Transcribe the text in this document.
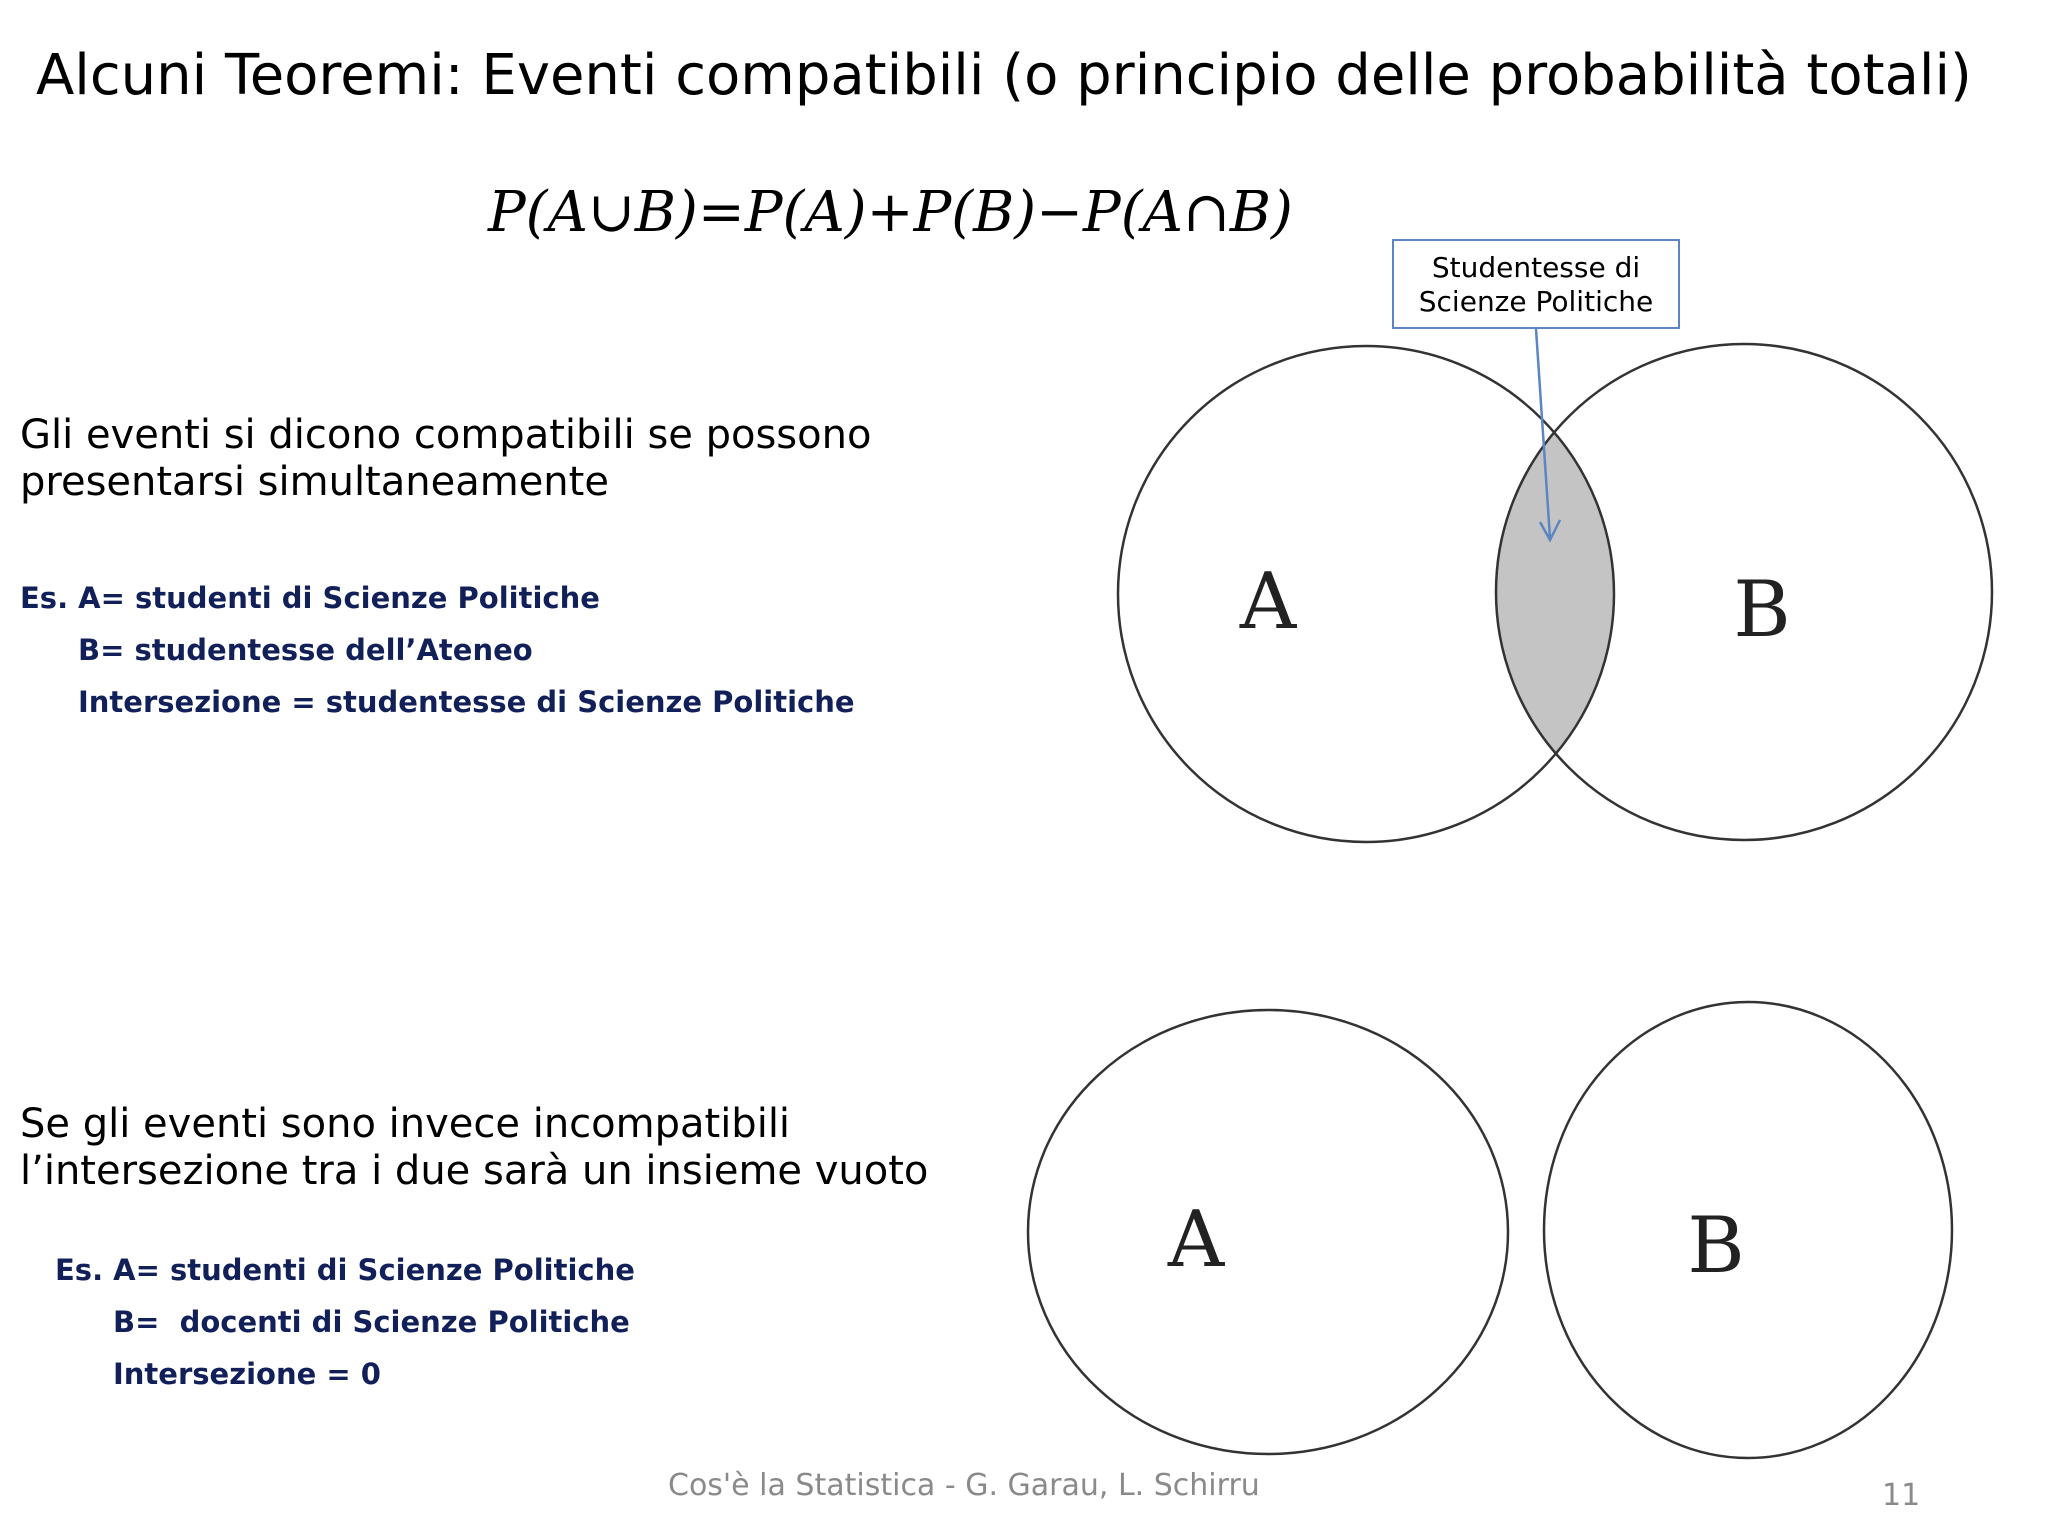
Alcuni Teoremi: Eventi compatibili (o principio delle probabilità totali)
P(A∪B)=P(A)+P(B)−P(A∩B)
A	B
A	B
Studentesse di
Scienze Politiche
Gli eventi si dicono compatibili se possono
presentarsi simultaneamente
Es. A= studenti di Scienze Politiche
B= studentesse dell’Ateneo
Intersezione = studentesse di Scienze Politiche
Se gli eventi sono invece incompatibili
l’intersezione tra i due sarà un insieme vuoto
Es. A= studenti di Scienze Politiche
B=  docenti di Scienze Politiche
Intersezione = 0
Cos'è la Statistica - G. Garau, L. Schirru	11
